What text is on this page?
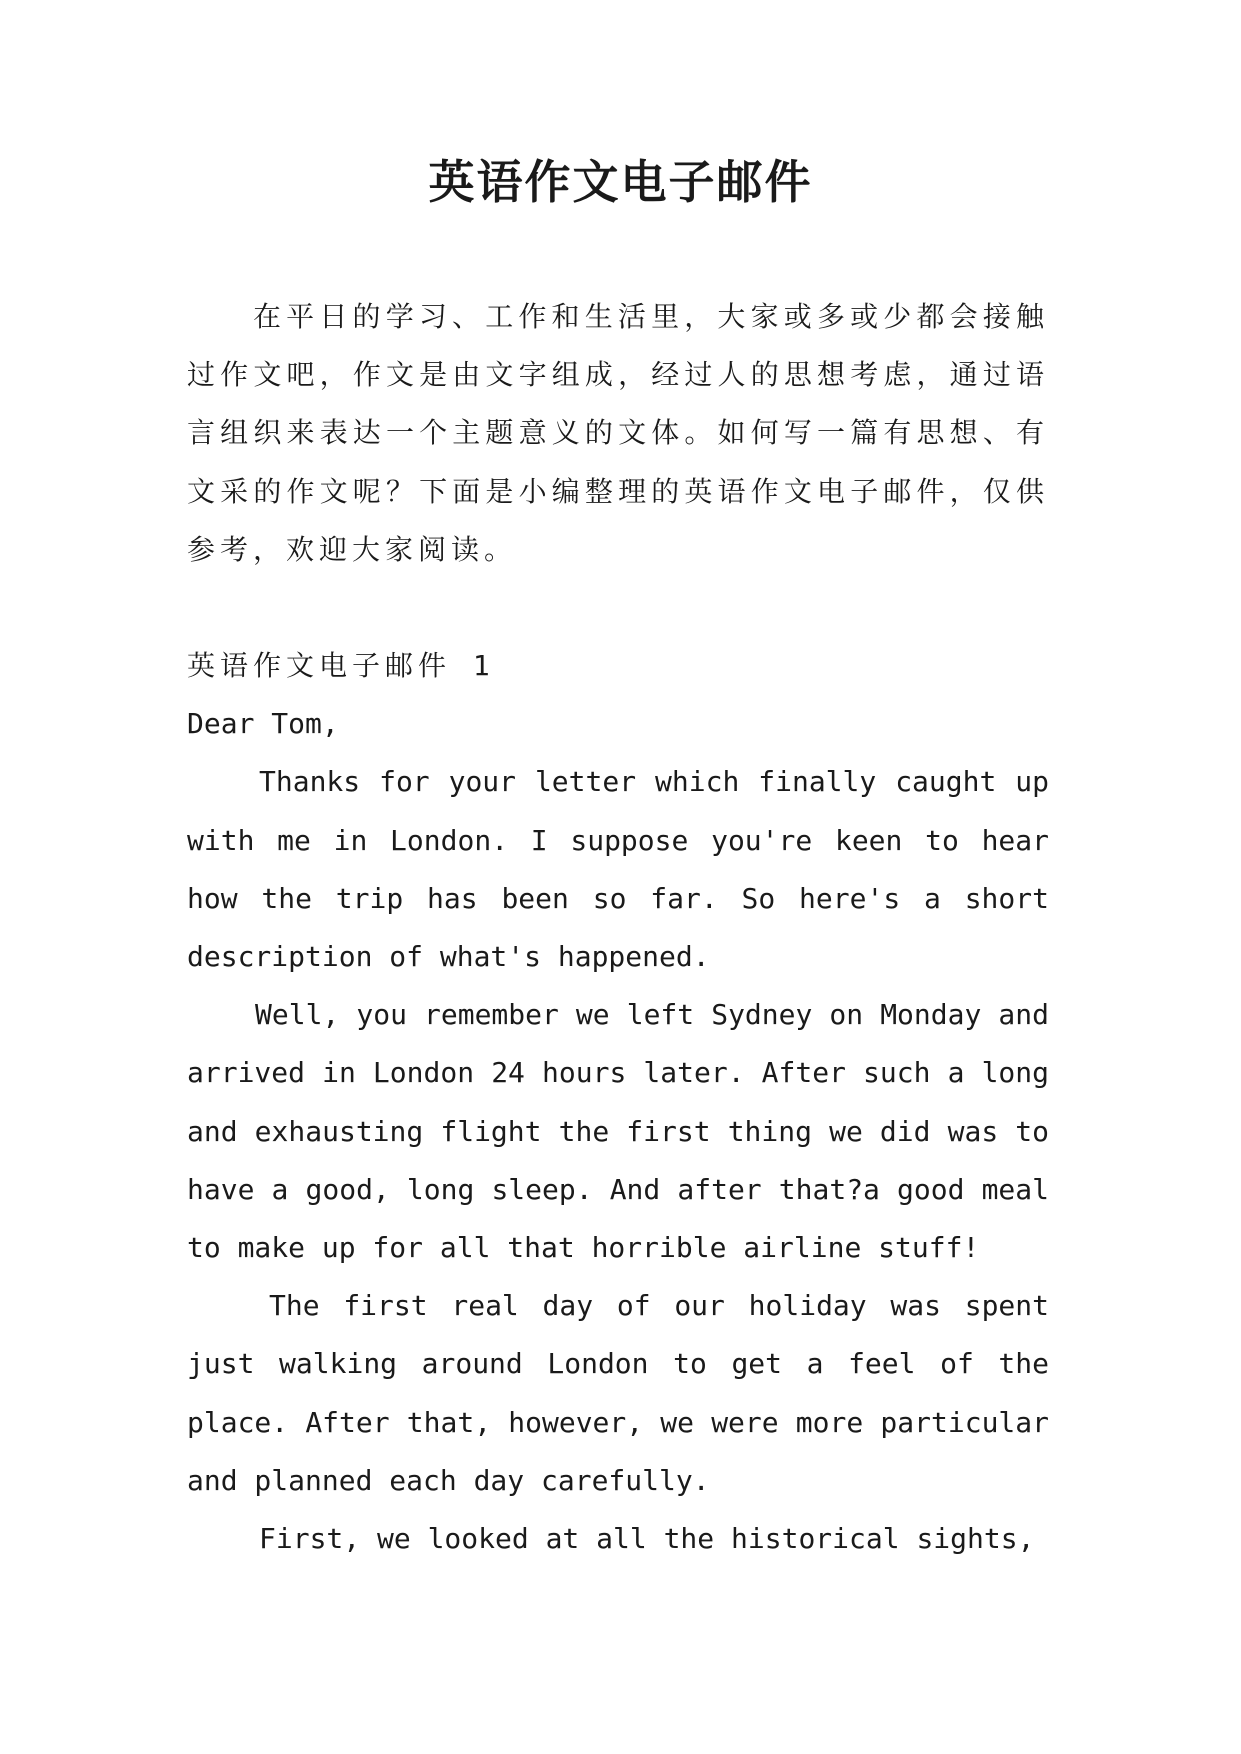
英语作文电子邮件

在平日的学习、工作和生活里，大家或多或少都会接触过作文吧，作文是由文字组成，经过人的思想考虑，通过语言组织来表达一个主题意义的文体。如何写一篇有思想、有文采的作文呢？下面是小编整理的英语作文电子邮件，仅供参考，欢迎大家阅读。

英语作文电子邮件 1

Dear Tom,

Thanks for your letter which finally caught up with me in London. I suppose you're keen to hear how the trip has been so far. So here's a short description of what's happened.

Well, you remember we left Sydney on Monday and arrived in London 24 hours later. After such a long and exhausting flight the first thing we did was to have a good, long sleep. And after that?a good meal to make up for all that horrible airline stuff!

The first real day of our holiday was spent just walking around London to get a feel of the place. After that, however, we were more particular and planned each day carefully.

First, we looked at all the historical sights,
